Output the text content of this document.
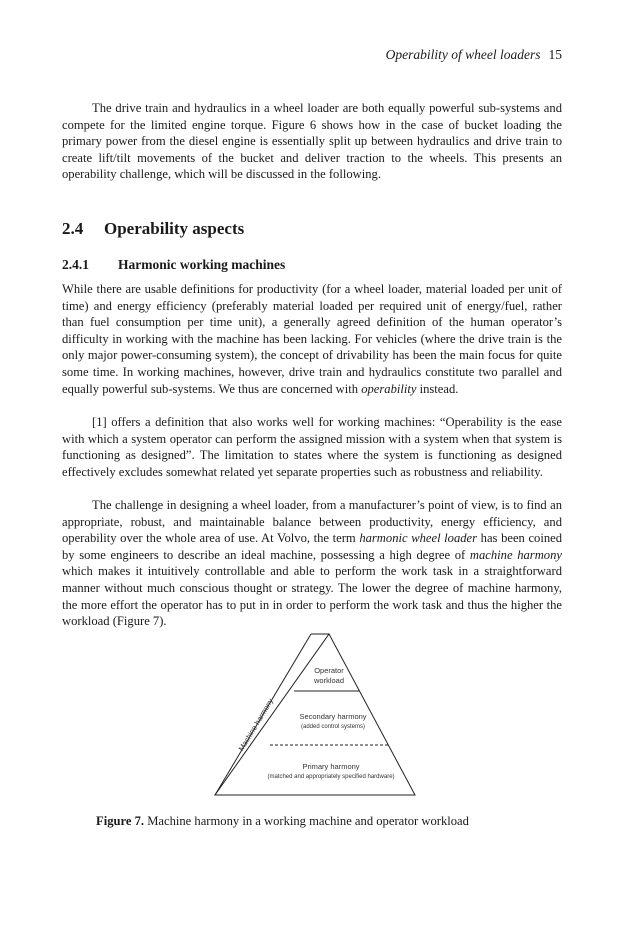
Operability of wheel loaders 15

The drive train and hydraulics in a wheel loader are both equally powerful sub-systems and compete for the limited engine torque. Figure 6 shows how in the case of bucket loading the primary power from the diesel engine is essentially split up between hydraulics and drive train to create lift/tilt movements of the bucket and deliver traction to the wheels. This presents an operability challenge, which will be discussed in the following.

2.4 Operability aspects
2.4.1 Harmonic working machines

While there are usable definitions for productivity (for a wheel loader, material loaded per unit of time) and energy efficiency (preferably material loaded per required unit of energy/fuel, rather than fuel consumption per time unit), a generally agreed definition of the human operator’s difficulty in working with the machine has been lacking. For vehicles (where the drive train is the only major power-consuming system), the concept of drivability has been the main focus for quite some time. In working machines, however, drive train and hydraulics constitute two parallel and equally powerful sub-systems. We thus are concerned with operability instead.

[1] offers a definition that also works well for working machines: “Operability is the ease with which a system operator can perform the assigned mission with a system when that system is functioning as designed”. The limitation to states where the system is functioning as designed effectively excludes somewhat related yet separate properties such as robustness and reliability.

The challenge in designing a wheel loader, from a manufacturer’s point of view, is to find an appropriate, robust, and maintainable balance between productivity, energy efficiency, and operability over the whole area of use. At Volvo, the term harmonic wheel loader has been coined by some engineers to describe an ideal machine, possessing a high degree of machine harmony which makes it intuitively controllable and able to perform the work task in a straightforward manner without much conscious thought or strategy. The lower the degree of machine harmony, the more effort the operator has to put in in order to perform the work task and thus the higher the workload (Figure 7).

Operator
workload
Secondary harmony
(added control systems)
Primary harmony
(matched and appropriately specified hardware)
Machine harmony
Figure 7. Machine harmony in a working machine and operator workload
